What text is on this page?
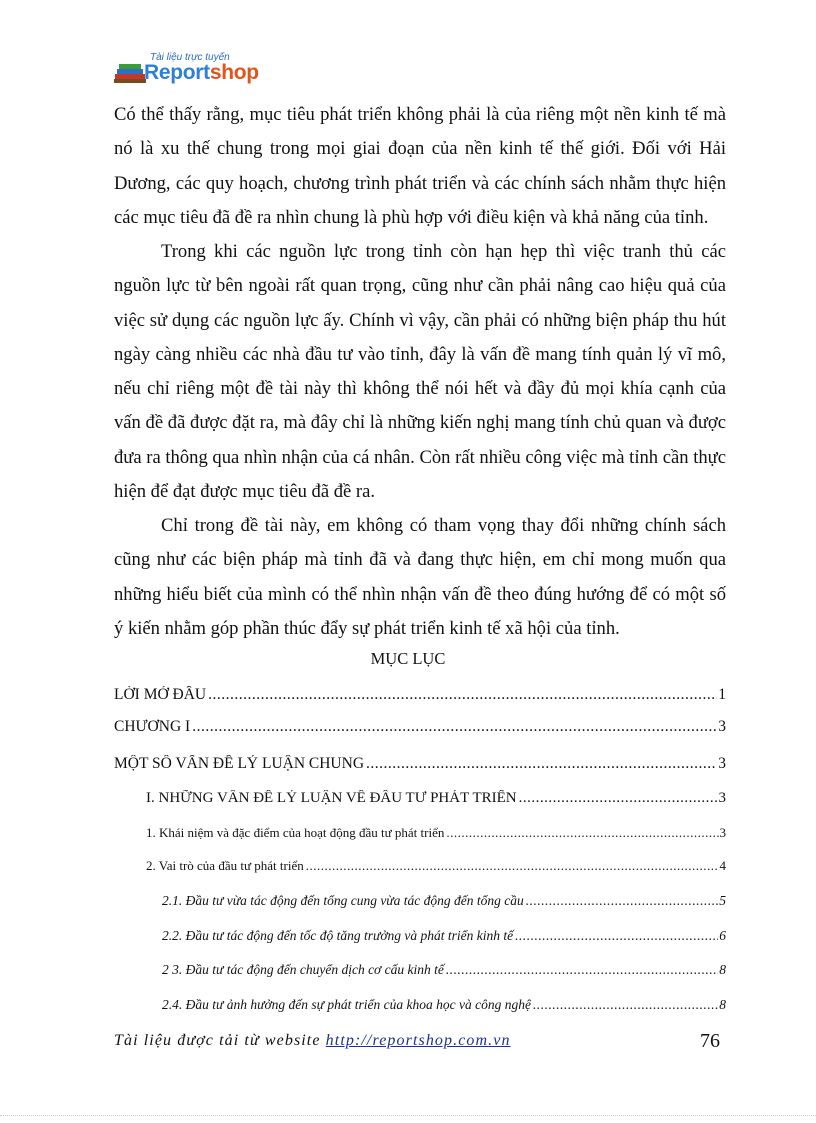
Tài liệu trực tuyến
Reportshop

Có thể thấy rằng, mục tiêu phát triển không phải là của riêng một nền kinh tế mà nó là xu thế chung trong mọi giai đoạn của nền kinh tế thế giới. Đối với Hải Dương, các quy hoạch, chương trình phát triển và các chính sách nhằm thực hiện các mục tiêu đã đề ra nhìn chung là phù hợp với điều kiện và khả năng của tỉnh.

Trong khi các nguồn lực trong tỉnh còn hạn hẹp thì việc tranh thủ các nguồn lực từ bên ngoài rất quan trọng, cũng như cần phải nâng cao hiệu quả của việc sử dụng các nguồn lực ấy. Chính vì vậy, cần phải có những biện pháp thu hút ngày càng nhiều các nhà đầu tư vào tỉnh, đây là vấn đề mang tính quản lý vĩ mô, nếu chỉ riêng một đề tài này thì không thể nói hết và đầy đủ mọi khía cạnh của vấn đề đã được đặt ra, mà đây chỉ là những kiến nghị mang tính chủ quan và được đưa ra thông qua nhìn nhận của cá nhân. Còn rất nhiều công việc mà tỉnh cần thực hiện để đạt được mục tiêu đã đề ra.

Chỉ trong đề tài này, em không có tham vọng thay đổi những chính sách cũng như các biện pháp mà tỉnh đã và đang thực hiện, em chỉ mong muốn qua những hiểu biết của mình có thể nhìn nhận vấn đề theo đúng hướng để có một số ý kiến nhằm góp phần thúc đẩy sự phát triển kinh tế xã hội của tỉnh.

MỤC LỤC
LỜI MỞ ĐẦU .....	1
CHƯƠNG I .....	3
MỘT SỐ VẤN ĐỀ LÝ LUẬN CHUNG .....	3
I. NHỮNG VẤN ĐỀ LÝ LUẬN VỀ ĐẦU TƯ PHÁT TRIỂN .....	3
1. Khái niệm và đặc điểm của hoạt động đầu tư phát triển .....	3
2. Vai trò của đầu tư phát triển .....	4
2.1. Đầu tư vừa tác động đến tổng cung vừa tác động đến tổng cầu .....	5
2.2. Đầu tư tác động đến tốc độ tăng trưởng và phát triển kinh tế .....	6
2 3. Đầu tư tác động đến chuyển dịch cơ cấu kinh tế .....	8
2.4. Đầu tư ảnh hưởng đến sự phát triển của khoa học và công nghệ .....	8
Tài liệu được tải từ website http://reportshop.com.vn	76
